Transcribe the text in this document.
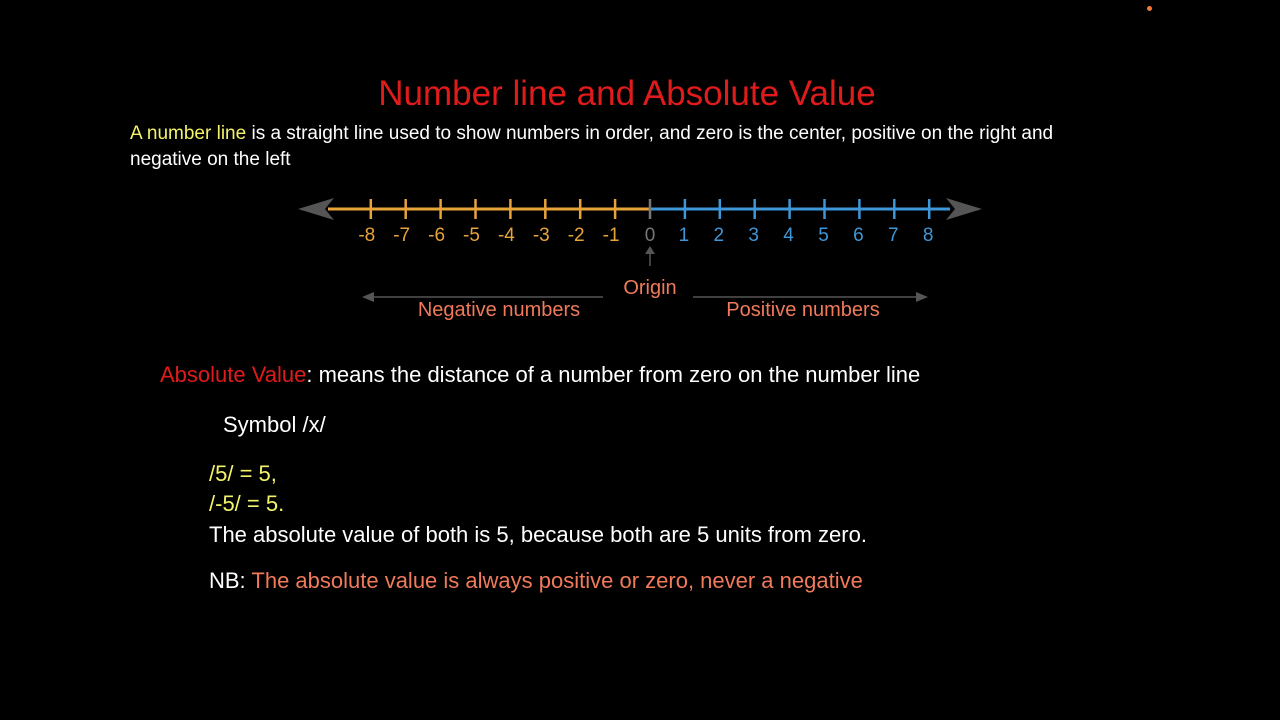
Number line and Absolute Value
A number line is a straight line used to show numbers in order, and zero is the center, positive on the right and
negative on the left
-8 -7 -6 -5 -4 -3 -2 -1 0 1 2 3 4 5 6 7 8
Origin
Negative numbers	Positive numbers
Absolute Value: means the distance of a number from zero on the number line
Symbol /x/
/5/ = 5,
/-5/ = 5.
The absolute value of both is 5, because both are 5 units from zero.
NB: The absolute value is always positive or zero, never a negative
